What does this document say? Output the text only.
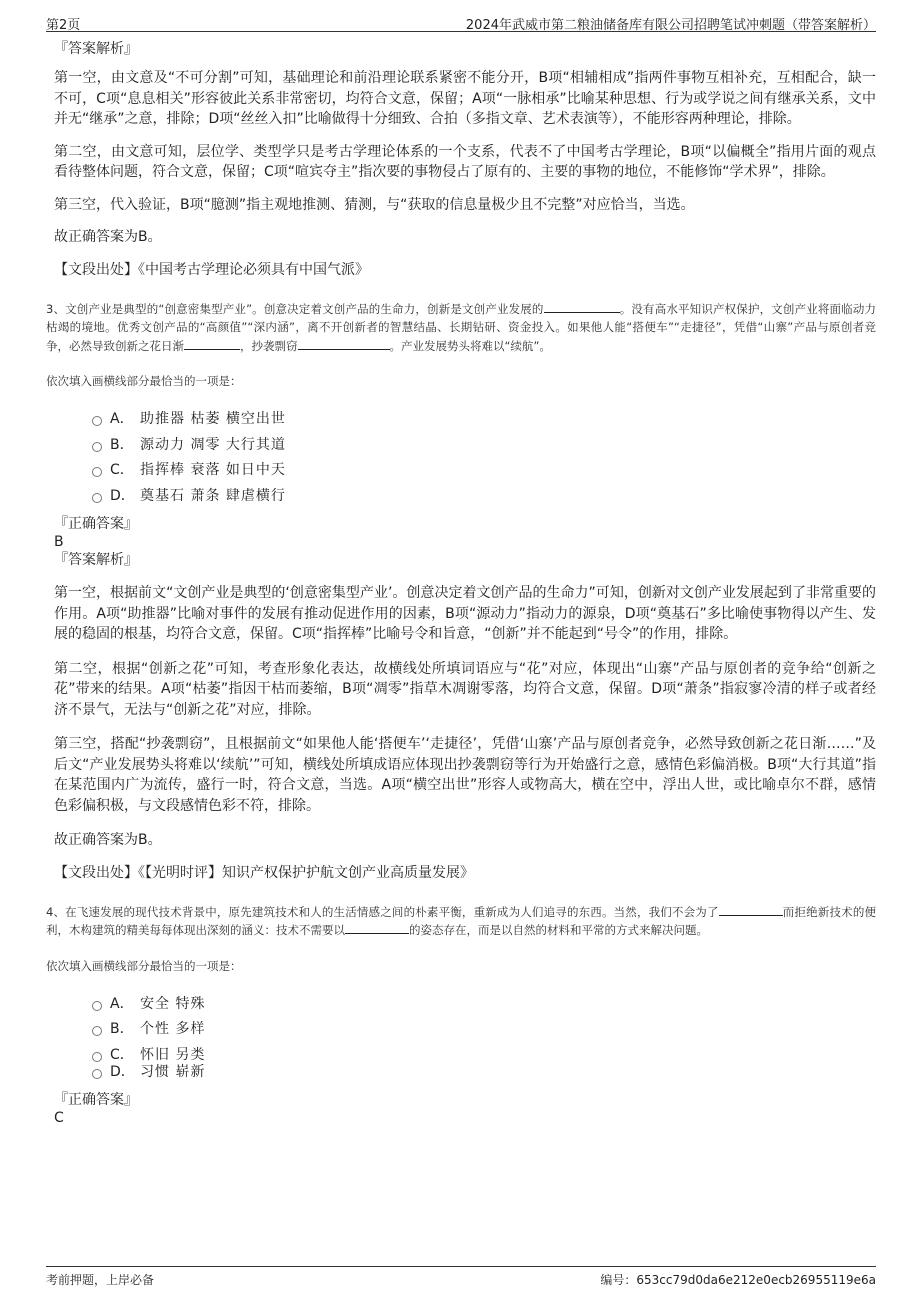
第2页	2024年武威市第二粮油储备库有限公司招聘笔试冲刺题（带答案解析）
『答案解析』

第一空，由文意及“不可分割”可知，基础理论和前沿理论联系紧密不能分开，B项“相辅相成”指两件事物互相补充，互相配合，缺一不可，C项“息息相关”形容彼此关系非常密切，均符合文意，保留；A项“一脉相承”比喻某种思想、行为或学说之间有继承关系，文中并无“继承”之意，排除；D项“丝丝入扣”比喻做得十分细致、合拍（多指文章、艺术表演等），不能形容两种理论，排除。

第二空，由文意可知，层位学、类型学只是考古学理论体系的一个支系，代表不了中国考古学理论，B项“以偏概全”指用片面的观点看待整体问题，符合文意，保留；C项“喧宾夺主”指次要的事物侵占了原有的、主要的事物的地位，不能修饰“学术界”，排除。

第三空，代入验证，B项“臆测”指主观地推测、猜测，与“获取的信息量极少且不完整”对应恰当，当选。

故正确答案为B。

【文段出处】《中国考古学理论必须具有中国气派》

3、文创产业是典型的“创意密集型产业”。创意决定着文创产品的生命力，创新是文创产业发展的	。没有高水平知识产权保护，文创产业将面临动力枯竭的境地。优秀文创产品的“高颜值”“深内涵”，离不开创新者的智慧结晶、长期钻研、资金投入。如果他人能“搭便车”“走捷径”，凭借“山寨”产品与原创者竞争，必然导致创新之花日渐	，抄袭剽窃	。产业发展势头将难以“续航”。

依次填入画横线部分最恰当的一项是：

A． 助推器 枯萎 横空出世
B． 源动力 凋零 大行其道
C． 指挥棒 衰落 如日中天
D． 奠基石 萧条 肆虐横行
『正确答案』
B
『答案解析』

第一空，根据前文“文创产业是典型的‘创意密集型产业’。创意决定着文创产品的生命力”可知，创新对文创产业发展起到了非常重要的作用。A项“助推器”比喻对事件的发展有推动促进作用的因素，B项“源动力”指动力的源泉，D项“奠基石”多比喻使事物得以产生、发展的稳固的根基，均符合文意，保留。C项“指挥棒”比喻号令和旨意，“创新”并不能起到“号令”的作用，排除。

第二空，根据“创新之花”可知，考查形象化表达，故横线处所填词语应与“花”对应，体现出“山寨”产品与原创者的竞争给“创新之花”带来的结果。A项“枯萎”指因干枯而萎缩，B项“凋零”指草木凋谢零落，均符合文意，保留。D项“萧条”指寂寥冷清的样子或者经济不景气，无法与“创新之花”对应，排除。

第三空，搭配“抄袭剽窃”，且根据前文“如果他人能‘搭便车’‘走捷径’，凭借‘山寨’产品与原创者竞争，必然导致创新之花日渐……”及后文“产业发展势头将难以‘续航’”可知，横线处所填成语应体现出抄袭剽窃等行为开始盛行之意，感情色彩偏消极。B项“大行其道”指在某范围内广为流传，盛行一时，符合文意，当选。A项“横空出世”形容人或物高大，横在空中，浮出人世，或比喻卓尔不群，感情色彩偏积极，与文段感情色彩不符，排除。

故正确答案为B。

【文段出处】《【光明时评】知识产权保护护航文创产业高质量发展》

4、在飞速发展的现代技术背景中，原先建筑技术和人的生活情感之间的朴素平衡，重新成为人们追寻的东西。当然，我们不会为了	而拒绝新技术的便利，木构建筑的精美每每体现出深刻的涵义：技术不需要以	的姿态存在，而是以自然的材料和平常的方式来解决问题。

依次填入画横线部分最恰当的一项是：

A． 安全 特殊
B． 个性 多样
C． 怀旧 另类
D． 习惯 崭新
『正确答案』
C
考前押题，上岸必备	编号：653cc79d0da6e212e0ecb26955119e6a
